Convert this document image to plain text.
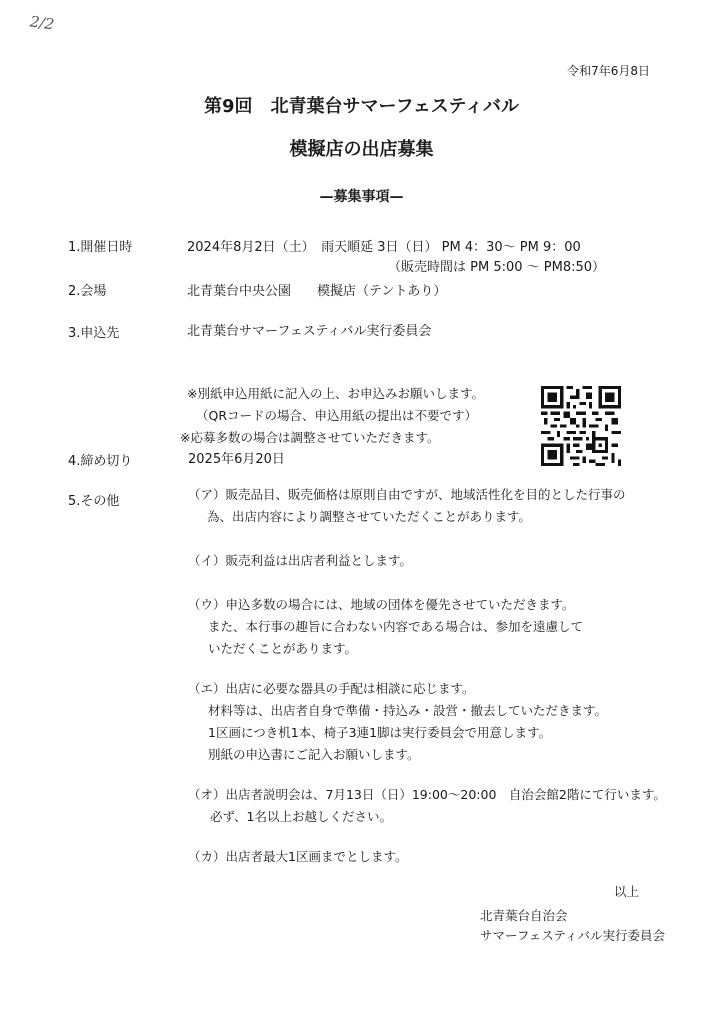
2/2
令和7年6月8日
第9回　北青葉台サマーフェスティバル
模擬店の出店募集
—募集事項—
1.開催日時	2024年8月2日（土）　雨天順延 3日（日） PM 4：30～ PM 9：00
（販売時間は PM 5:00 ～ PM8:50）
2.会場	北青葉台中央公園　　模擬店（テントあり）
3.申込先	北青葉台サマーフェスティバル実行委員会
※別紙申込用紙に記入の上、お申込みお願いします。
（QRコードの場合、申込用紙の提出は不要です）
※応募多数の場合は調整させていただきます。
4.締め切り	2025年6月20日
5.その他	（ア）販売品目、販売価格は原則自由ですが、地域活性化を目的とした行事の
為、出店内容により調整させていただくことがあります。
（イ）販売利益は出店者利益とします。
（ウ）申込多数の場合には、地域の団体を優先させていただきます。
また、本行事の趣旨に合わない内容である場合は、参加を遠慮して
いただくことがあります。
（エ）出店に必要な器具の手配は相談に応じます。
材料等は、出店者自身で準備・持込み・設営・撤去していただきます。
1区画につき机1本、椅子3連1脚は実行委員会で用意します。
別紙の申込書にご記入お願いします。
（オ）出店者説明会は、7月13日（日）19:00～20:00　自治会館2階にて行います。
必ず、1名以上お越しください。
（カ）出店者最大1区画までとします。
以上
北青葉台自治会
サマーフェスティバル実行委員会
